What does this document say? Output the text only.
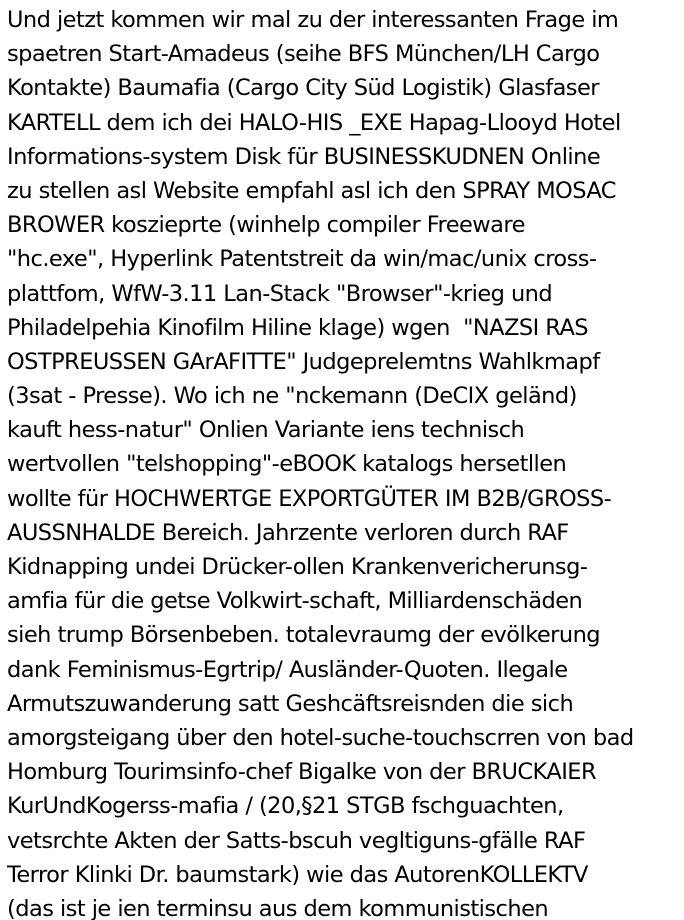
Und jetzt kommen wir mal zu der interessanten Frage im
spaetren Start-Amadeus (seihe BFS München/LH Cargo
Kontakte) Baumafia (Cargo City Süd Logistik) Glasfaser
KARTELL dem ich dei HALO-HIS _EXE Hapag-Llooyd Hotel
Informations-system Disk für BUSINESSKUDNEN Online
zu stellen asl Website empfahl asl ich den SPRAY MOSAC
BROWER koszieprte (winhelp compiler Freeware
"hc.exe", Hyperlink Patentstreit da win/mac/unix cross-
plattfom, WfW-3.11 Lan-Stack "Browser"-krieg und
Philadelpehia Kinofilm Hiline klage) wgen  "NAZSI RAS
OSTPREUSSEN GArAFITTE" Judgeprelemtns Wahlkmapf
(3sat - Presse). Wo ich ne "nckemann (DeCIX geländ)
kauft hess-natur" Onlien Variante iens technisch
wertvollen "telshopping"-eBOOK katalogs hersetllen
wollte für HOCHWERTGE EXPORTGÜTER IM B2B/GROSS-
AUSSNHALDE Bereich. Jahrzente verloren durch RAF
Kidnapping undei Drücker-ollen Krankenvericherunsg-
amfia für die getse Volkwirt-schaft, Milliardenschäden
sieh trump Börsenbeben. totalevraumg der evölkerung
dank Feminismus-Egrtrip/ Ausländer-Quoten. Ilegale
Armutszuwanderung satt Geshcäftsreisnden die sich
amorgsteigang über den hotel-suche-touchscrren von bad
Homburg Tourimsinfo-chef Bigalke von der BRUCKAIER
KurUndKogerss-mafia / (20,§21 STGB fschguachten,
vetsrchte Akten der Satts-bscuh vegltiguns-gfälle RAF
Terror Klinki Dr. baumstark) wie das AutorenKOLLEKTV
(das ist je ien terminsu aus dem kommunistischen
